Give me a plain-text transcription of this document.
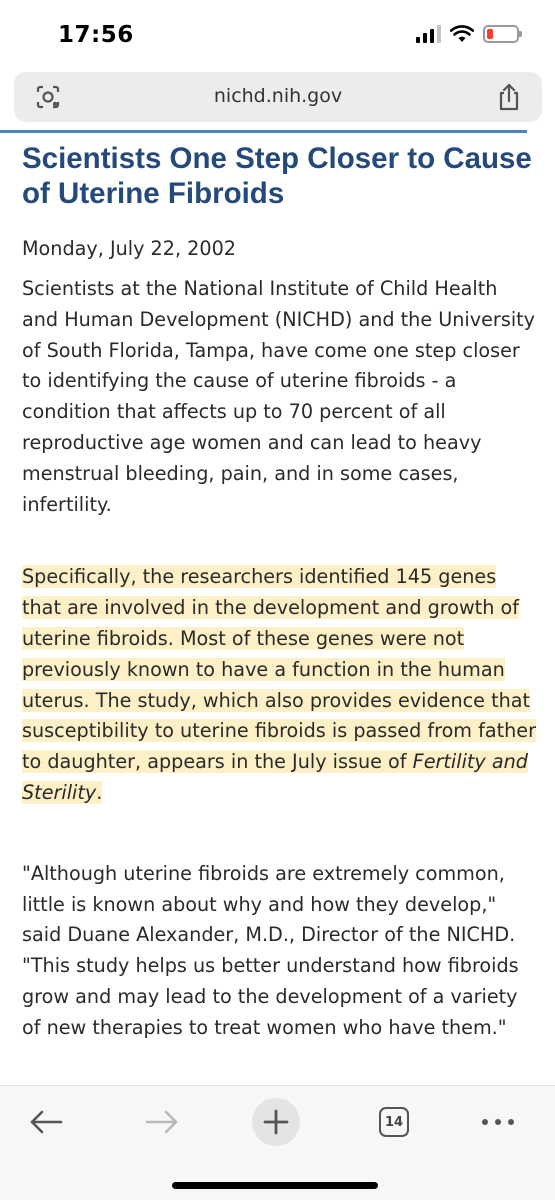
17:56
nichd.nih.gov
Scientists One Step Closer to Cause of Uterine Fibroids
Monday, July 22, 2002

Scientists at the National Institute of Child Health and Human Development (NICHD) and the University of South Florida, Tampa, have come one step closer to identifying the cause of uterine fibroids - a condition that affects up to 70 percent of all reproductive age women and can lead to heavy menstrual bleeding, pain, and in some cases, infertility.

Specifically, the researchers identified 145 genes that are involved in the development and growth of uterine fibroids. Most of these genes were not previously known to have a function in the human uterus. The study, which also provides evidence that susceptibility to uterine fibroids is passed from father to daughter, appears in the July issue of Fertility and Sterility.

"Although uterine fibroids are extremely common, little is known about why and how they develop," said Duane Alexander, M.D., Director of the NICHD. "This study helps us better understand how fibroids grow and may lead to the development of a variety of new therapies to treat women who have them."

14
